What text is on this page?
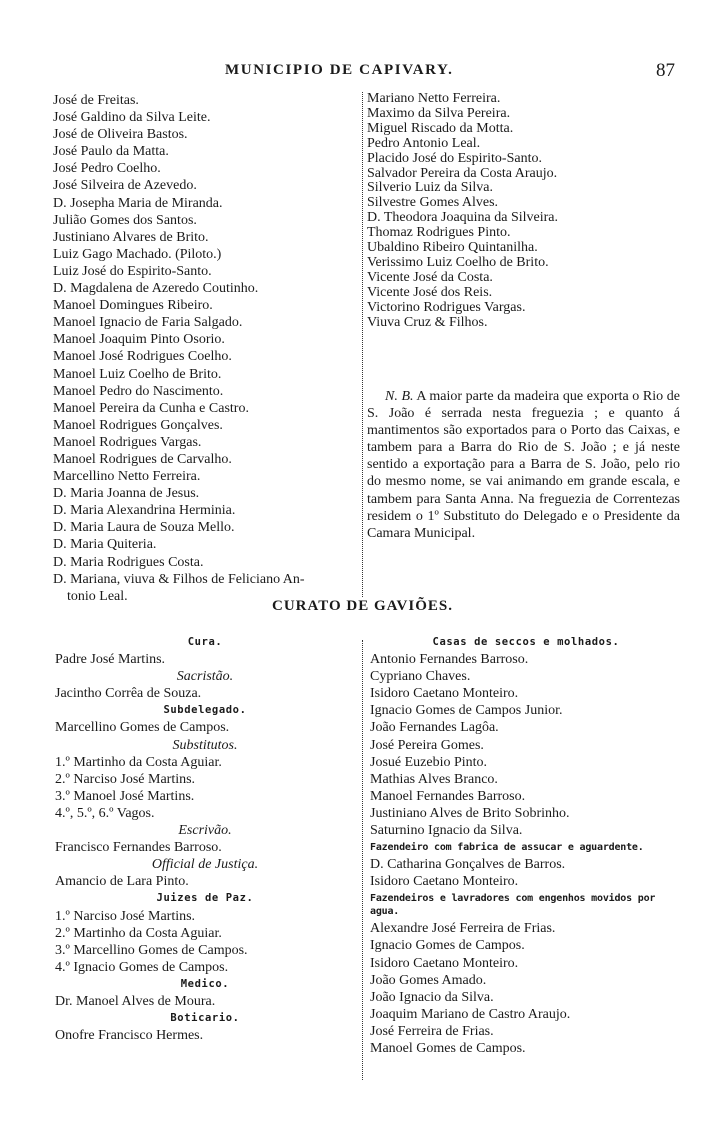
MUNICIPIO DE CAPIVARY.	87
José de Freitas.
José Galdino da Silva Leite.
José de Oliveira Bastos.
José Paulo da Matta.
José Pedro Coelho.
José Silveira de Azevedo.
D. Josepha Maria de Miranda.
Julião Gomes dos Santos.
Justiniano Alvares de Brito.
Luiz Gago Machado. (Piloto.)
Luiz José do Espirito-Santo.
D. Magdalena de Azeredo Coutinho.
Manoel Domingues Ribeiro.
Manoel Ignacio de Faria Salgado.
Manoel Joaquim Pinto Osorio.
Manoel José Rodrigues Coelho.
Manoel Luiz Coelho de Brito.
Manoel Pedro do Nascimento.
Manoel Pereira da Cunha e Castro.
Manoel Rodrigues Gonçalves.
Manoel Rodrigues Vargas.
Manoel Rodrigues de Carvalho.
Marcellino Netto Ferreira.
D. Maria Joanna de Jesus.
D. Maria Alexandrina Herminia.
D. Maria Laura de Souza Mello.
D. Maria Quiteria.
D. Maria Rodrigues Costa.
D. Mariana, viuva & Filhos de Feliciano An-
tonio Leal.
Mariano Netto Ferreira.
Maximo da Silva Pereira.
Miguel Riscado da Motta.
Pedro Antonio Leal.
Placido José do Espirito-Santo.
Salvador Pereira da Costa Araujo.
Silverio Luiz da Silva.
Silvestre Gomes Alves.
D. Theodora Joaquina da Silveira.
Thomaz Rodrigues Pinto.
Ubaldino Ribeiro Quintanilha.
Verissimo Luiz Coelho de Brito.
Vicente José da Costa.
Vicente José dos Reis.
Victorino Rodrigues Vargas.
Viuva Cruz & Filhos.
N. B. A maior parte da madeira que exporta o Rio de S. João é serrada nesta freguezia ; e quanto á mantimentos são exportados para o Porto das Caixas, e tambem para a Barra do Rio de S. João ; e já neste sentido a exportação para a Barra de S. João, pelo rio do mesmo nome, se vai animando em grande escala, e tambem para Santa Anna. Na freguezia de Correntezas residem o 1º Substituto do Delegado e o Presidente da Camara Municipal.
CURATO DE GAVIÕES.
Cura.
Padre José Martins.
Sacristão.
Jacintho Corrêa de Souza.
Subdelegado.
Marcellino Gomes de Campos.
Substitutos.
1.º Martinho da Costa Aguiar.
2.º Narciso José Martins.
3.º Manoel José Martins.
4.º, 5.º, 6.º Vagos.
Escrivão.
Francisco Fernandes Barroso.
Official de Justiça.
Amancio de Lara Pinto.
Juizes de Paz.
1.º Narciso José Martins.
2.º Martinho da Costa Aguiar.
3.º Marcellino Gomes de Campos.
4.º Ignacio Gomes de Campos.
Medico.
Dr. Manoel Alves de Moura.
Boticario.
Onofre Francisco Hermes.
Casas de seccos e molhados.
Antonio Fernandes Barroso.
Cypriano Chaves.
Isidoro Caetano Monteiro.
Ignacio Gomes de Campos Junior.
João Fernandes Lagôa.
José Pereira Gomes.
Josué Euzebio Pinto.
Mathias Alves Branco.
Manoel Fernandes Barroso.
Justiniano Alves de Brito Sobrinho.
Saturnino Ignacio da Silva.
Fazendeiro com fabrica de assucar e aguardente.
D. Catharina Gonçalves de Barros.
Isidoro Caetano Monteiro.
Fazendeiros e lavradores com engenhos movidos por agua.
Alexandre José Ferreira de Frias.
Ignacio Gomes de Campos.
Isidoro Caetano Monteiro.
João Gomes Amado.
João Ignacio da Silva.
Joaquim Mariano de Castro Araujo.
José Ferreira de Frias.
Manoel Gomes de Campos.
